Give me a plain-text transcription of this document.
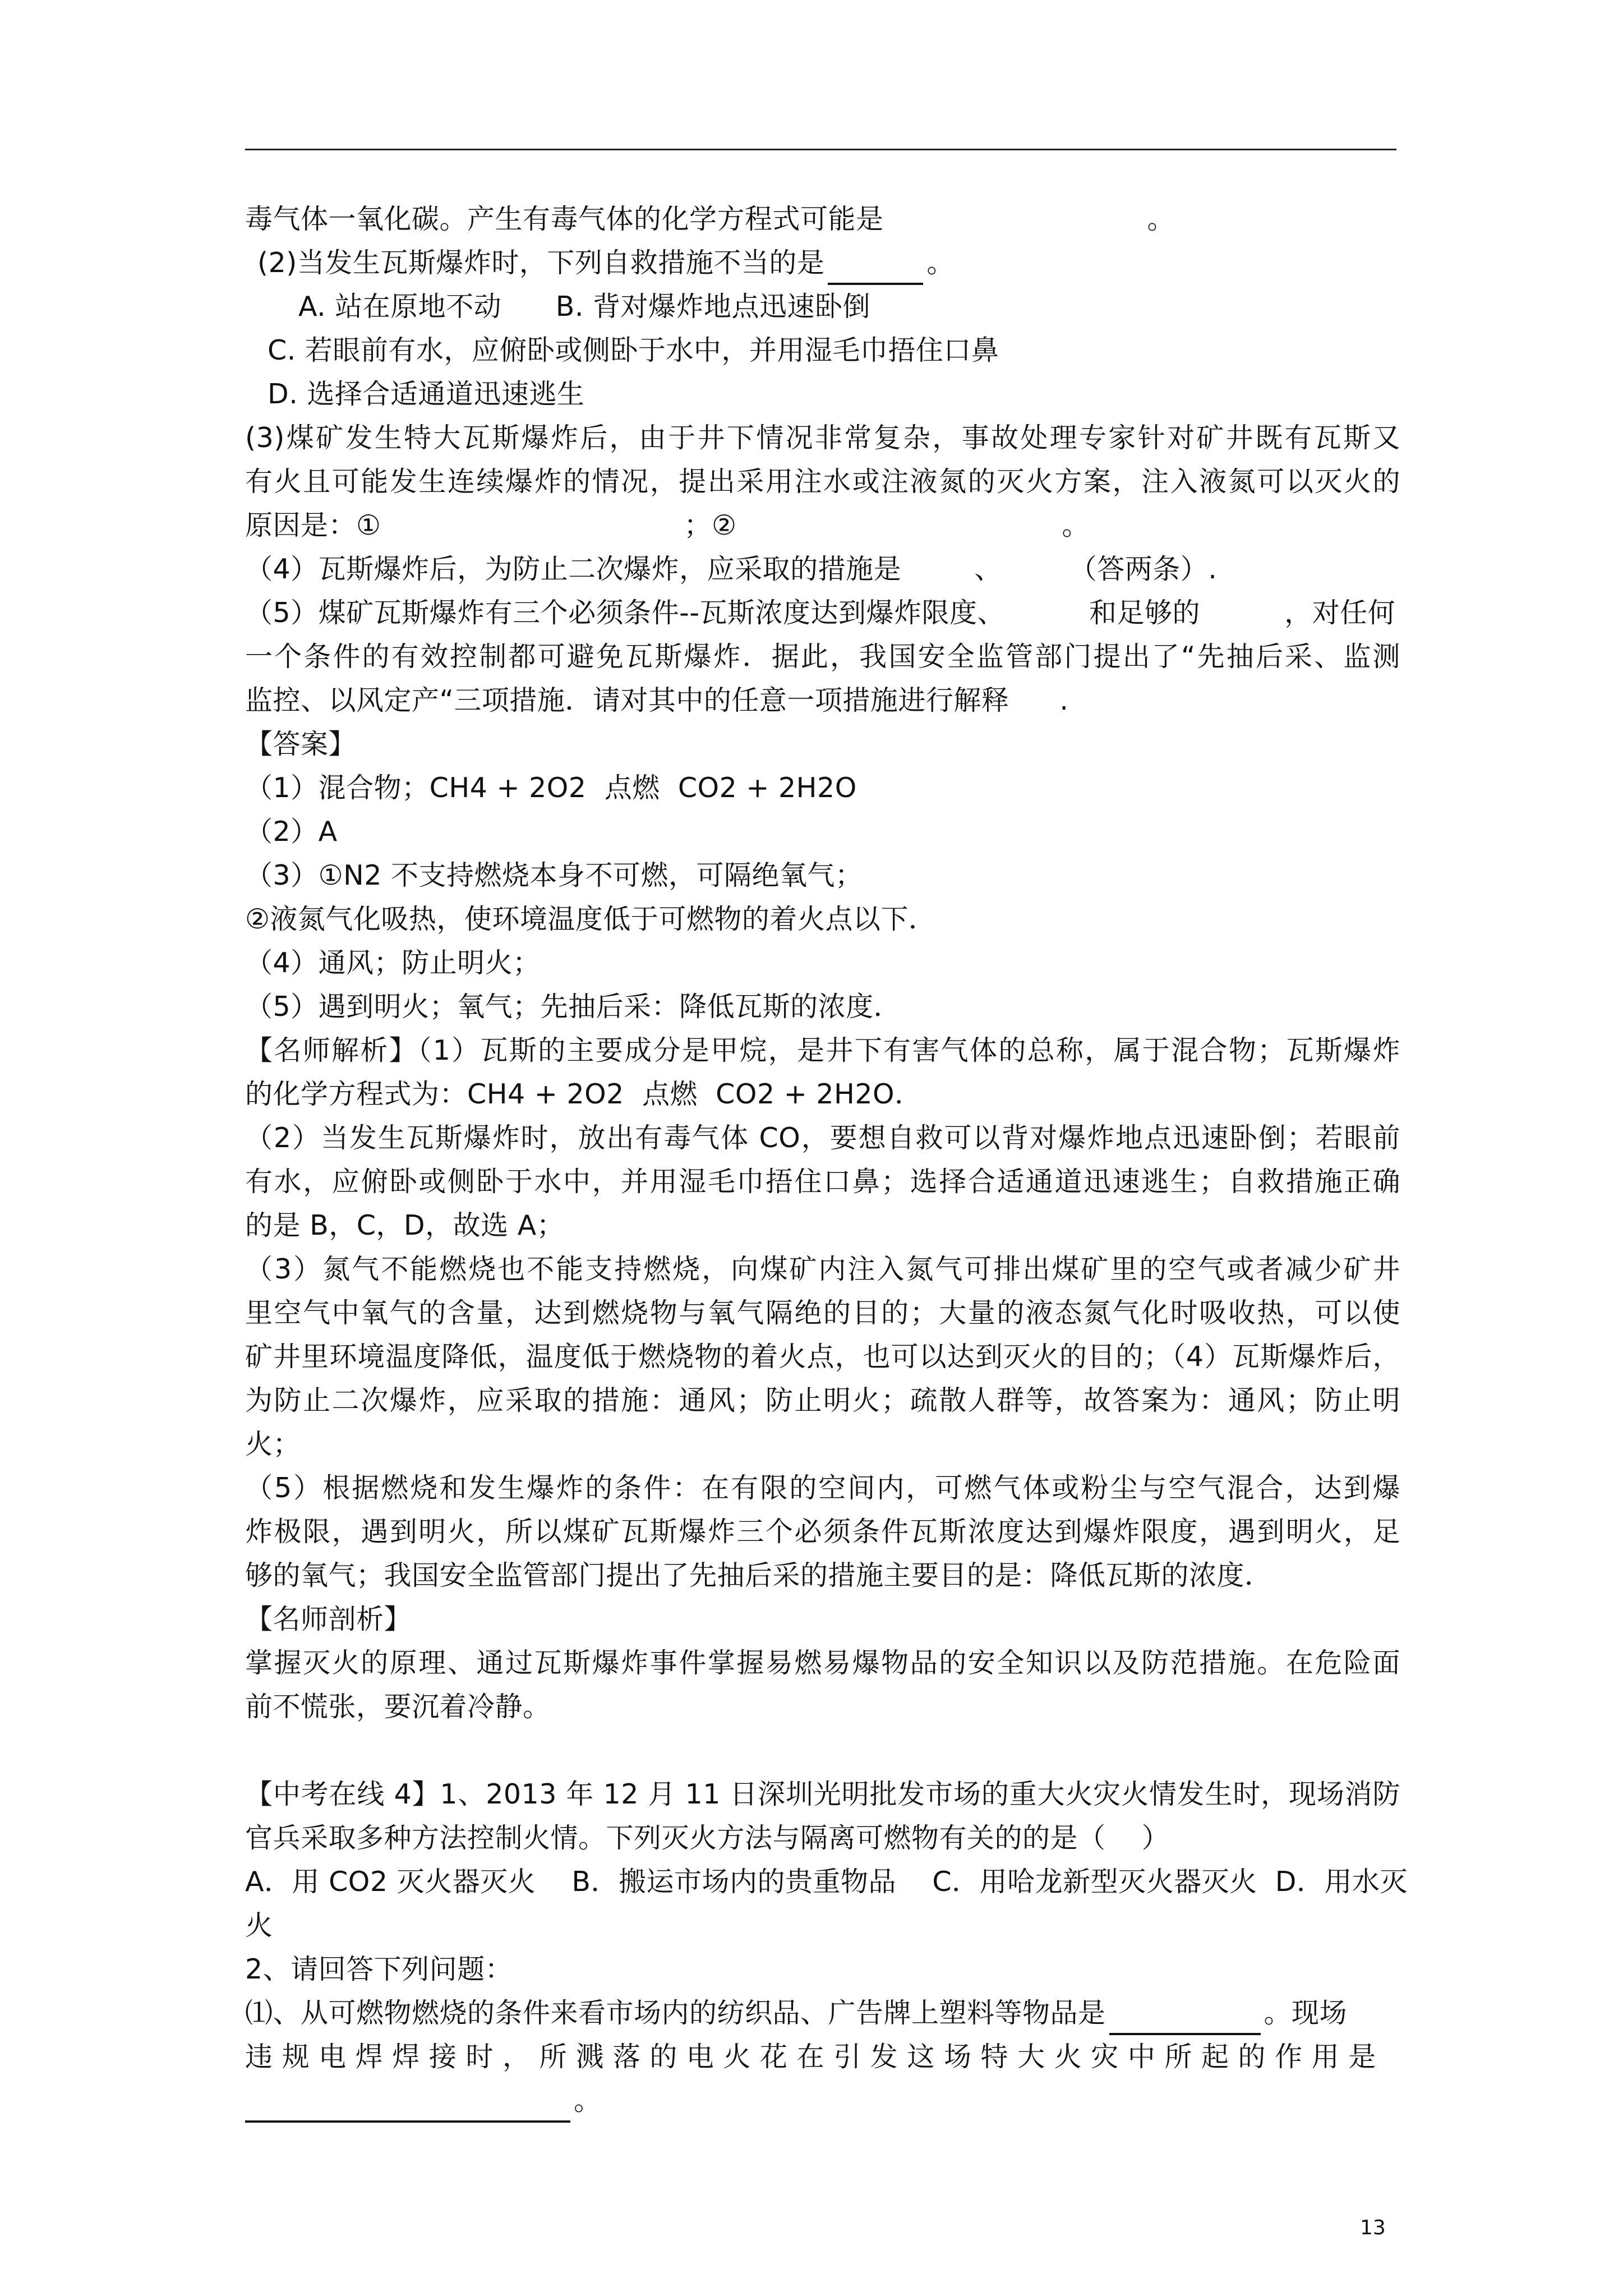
毒气体一氧化碳。产生有毒气体的化学方程式可能是	。
(2)当发生瓦斯爆炸时，下列自救措施不当的是	。
A. 站在原地不动      B. 背对爆炸地点迅速卧倒
C. 若眼前有水，应俯卧或侧卧于水中，并用湿毛巾捂住口鼻
D. 选择合适通道迅速逃生
(3)煤矿发生特大瓦斯爆炸后，由于井下情况非常复杂，事故处理专家针对矿井既有瓦斯又
有火且可能发生连续爆炸的情况，提出采用注水或注液氮的灭火方案，注入液氮可以灭火的
原因是：①	；②	。
（4）瓦斯爆炸后，为防止二次爆炸，应采取的措施是	、 （答两条）.
（5）煤矿瓦斯爆炸有三个必须条件--瓦斯浓度达到爆炸限度、	和足够的	，对任何
一个条件的有效控制都可避免瓦斯爆炸．据此，我国安全监管部门提出了“先抽后采、监测
监控、以风定产“三项措施．请对其中的任意一项措施进行解释 .
【答案】
（1）混合物；CH4 + 2O2  点燃  CO2 + 2H2O
（2）A
（3）①N2 不支持燃烧本身不可燃，可隔绝氧气；
②液氮气化吸热，使环境温度低于可燃物的着火点以下．
（4）通风；防止明火；
（5）遇到明火；氧气；先抽后采：降低瓦斯的浓度．
【名师解析】（1）瓦斯的主要成分是甲烷，是井下有害气体的总称，属于混合物；瓦斯爆炸
的化学方程式为：CH4 + 2O2  点燃  CO2 + 2H2O．
（2）当发生瓦斯爆炸时，放出有毒气体 CO，要想自救可以背对爆炸地点迅速卧倒；若眼前
有水，应俯卧或侧卧于水中，并用湿毛巾捂住口鼻；选择合适通道迅速逃生；自救措施正确
的是 B，C，D，故选 A；
（3）氮气不能燃烧也不能支持燃烧，向煤矿内注入氮气可排出煤矿里的空气或者减少矿井
里空气中氧气的含量，达到燃烧物与氧气隔绝的目的；大量的液态氮气化时吸收热，可以使
矿井里环境温度降低，温度低于燃烧物的着火点，也可以达到灭火的目的；（4）瓦斯爆炸后，
为防止二次爆炸，应采取的措施：通风；防止明火；疏散人群等，故答案为：通风；防止明
火；
（5）根据燃烧和发生爆炸的条件：在有限的空间内，可燃气体或粉尘与空气混合，达到爆
炸极限，遇到明火，所以煤矿瓦斯爆炸三个必须条件瓦斯浓度达到爆炸限度，遇到明火，足
够的氧气；我国安全监管部门提出了先抽后采的措施主要目的是：降低瓦斯的浓度．
【名师剖析】
掌握灭火的原理、通过瓦斯爆炸事件掌握易燃易爆物品的安全知识以及防范措施。在危险面
前不慌张，要沉着冷静。
【中考在线 4】1、2013 年 12 月 11 日深圳光明批发市场的重大火灾火情发生时，现场消防
官兵采取多种方法控制火情。下列灭火方法与隔离可燃物有关的的是（    ）
A．用 CO2 灭火器灭火    B．搬运市场内的贵重物品    C．用哈龙新型灭火器灭火  D．用水灭
火
2、请回答下列问题：
⑴、从可燃物燃烧的条件来看市场内的纺织品、广告牌上塑料等物品是	。现场
违 规 电 焊 焊 接 时 ， 所 溅 落 的 电 火 花 在 引 发 这 场 特 大 火 灾 中 所 起 的 作 用 是
。
13
